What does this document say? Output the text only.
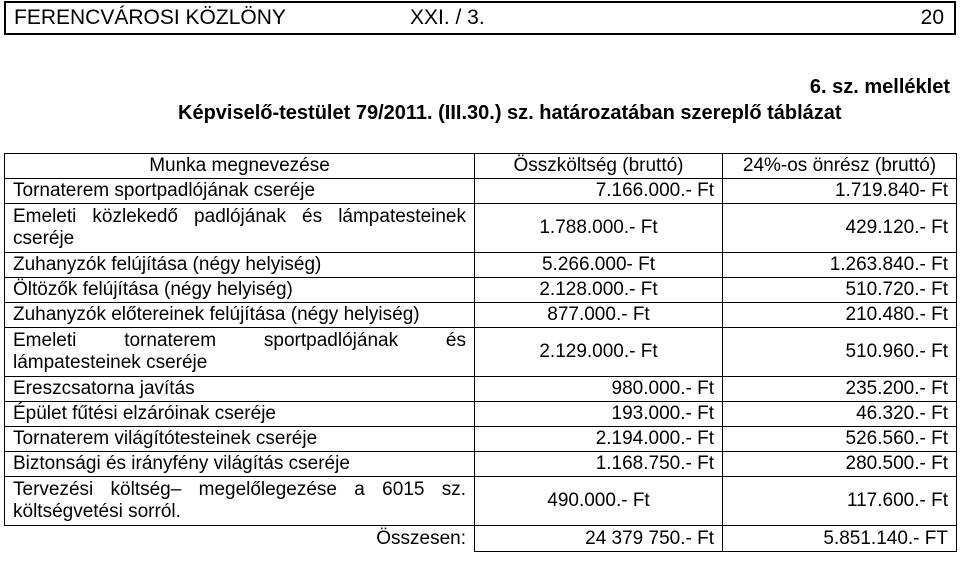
FERENCVÁROSI KÖZLÖNY	XXI. / 3.	20
6. sz. melléklet
Képviselő-testület 79/2011. (III.30.) sz. határozatában szereplő táblázat
Munka megnevezése	Összköltség (bruttó)	24%-os önrész (bruttó)
Tornaterem sportpadlójának cseréje	7.166.000.- Ft	1.719.840- Ft
Emeleti közlekedő padlójának és lámpatesteinek cseréje	1.788.000.- Ft	429.120.- Ft
Zuhanyzók felújítása (négy helyiség)	5.266.000- Ft	1.263.840.- Ft
Öltözők felújítása (négy helyiség)	2.128.000.- Ft	510.720.- Ft
Zuhanyzók előtereinek felújítása (négy helyiség)	877.000.- Ft	210.480.- Ft
Emeleti tornaterem sportpadlójának és lámpatesteinek cseréje	2.129.000.- Ft	510.960.- Ft
Ereszcsatorna javítás	980.000.- Ft	235.200.- Ft
Épület fűtési elzáróinak cseréje	193.000.- Ft	46.320.- Ft
Tornaterem világítótesteinek cseréje	2.194.000.- Ft	526.560.- Ft
Biztonsági és irányfény világítás cseréje	1.168.750.- Ft	280.500.- Ft
Tervezési költség– megelőlegezése a 6015 sz. költségvetési sorról.	490.000.- Ft	117.600.- Ft
Összesen:	24 379 750.- Ft	5.851.140.- FT
